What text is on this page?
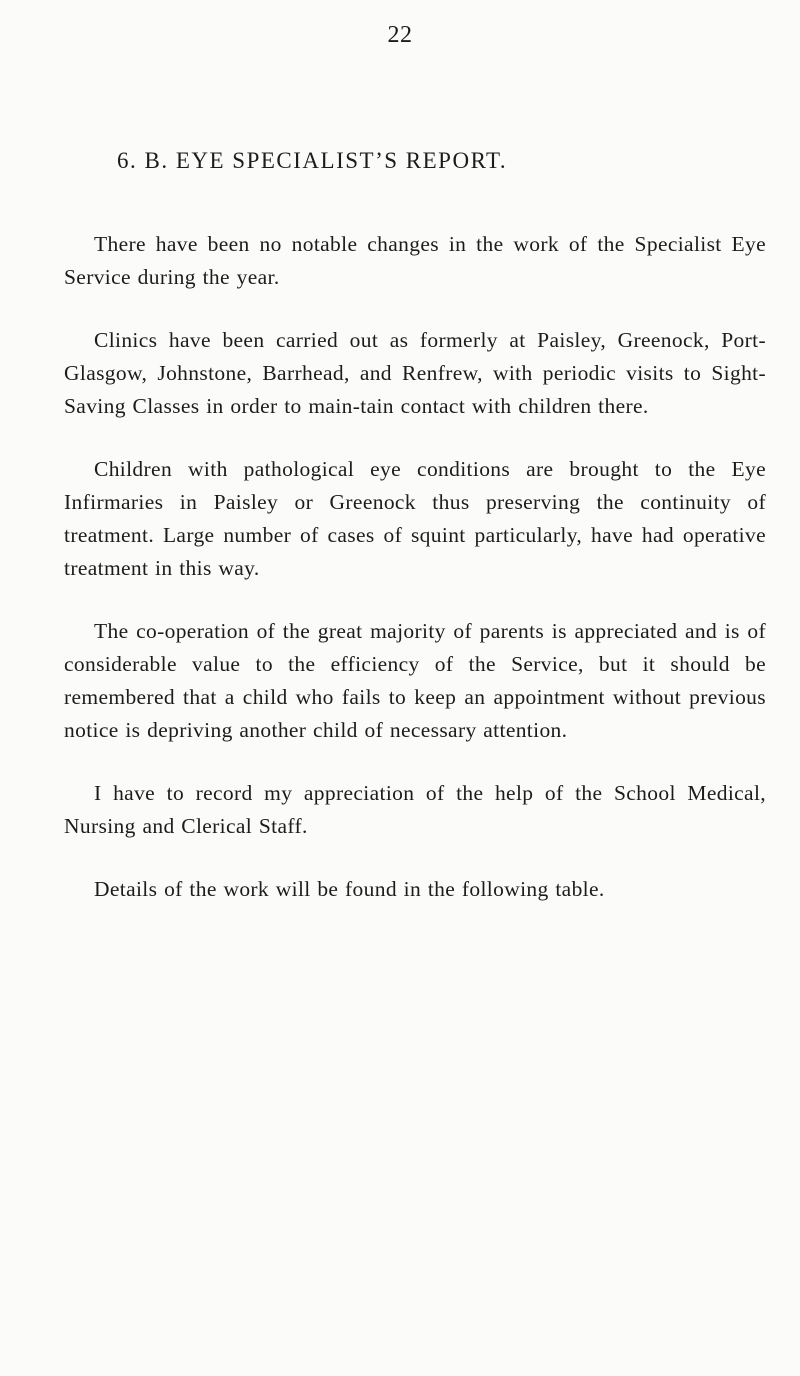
22
6. B. EYE SPECIALIST’S REPORT.

There have been no notable changes in the work of the Specialist Eye Service during the year.

Clinics have been carried out as formerly at Paisley, Greenock, Port-Glasgow, Johnstone, Barrhead, and Renfrew, with periodic visits to Sight-Saving Classes in order to main-tain contact with children there.

Children with pathological eye conditions are brought to the Eye Infirmaries in Paisley or Greenock thus preserving the continuity of treatment. Large number of cases of squint particularly, have had operative treatment in this way.

The co-operation of the great majority of parents is appreciated and is of considerable value to the efficiency of the Service, but it should be remembered that a child who fails to keep an appointment without previous notice is depriving another child of necessary attention.

I have to record my appreciation of the help of the School Medical, Nursing and Clerical Staff.

Details of the work will be found in the following table.
